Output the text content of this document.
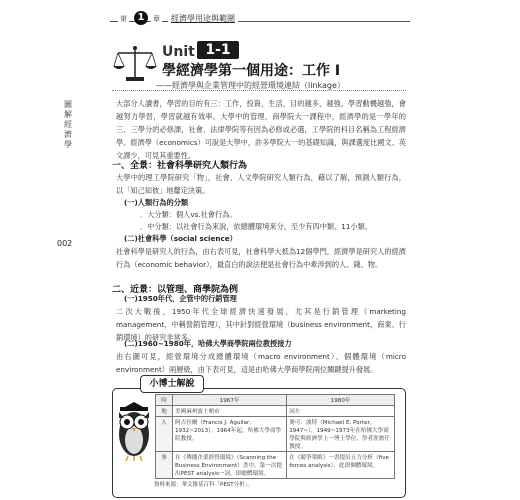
第	1	章	經濟學用途與範圍
圖解經濟學
002
Unit 1-1
學經濟學第一個用途：工作 I
——經濟學與企業管理中的經營環境連結（linkage）
大部分人讀書，學習的目的有三：工作，投資，生活，目的越多，越強，學習動機越強，會越努力學習，學習就越有效率。大學中的管理、商學院大一課程中，經濟學的是一學年的三、三學分的必修課，社會、法律學院等有因為必修或必選，工學院的科目名稱為工程經濟學、經濟學（economics）可說是大學中，許多學院大一的基礎知識，與課選度比國文、英文課少，可見其重要性。
一、全景：社會科學研究人類行為
大學中的理工學院研究「物」，社會、人文學院研究人類行為，藉以了解，預測人類行為，以「知己知彼」地釐定決策。
(一)人類行為的分類
．大分類：個人vs.社會行為。
．中分類：以社會行為來說，依總體環境來分，至少有四中類、11小類。
(二)社會科學（social science）
社會科學是研究人的行為，由右表可見，社會科學大抵為12個學門，經濟學是研究人的經濟行為（economic behavior），最直白的說法便是社會行為中牽涉到的人、錢、物。
二、近景：以管理、商學院為例
(一)1950年代，企管中的行銷管理
二次大戰後，1950年代全球經濟快速發展，尤其是行銷管理（marketing management，中稱營銷管理），其中針對經營環境（business environment，商業、行銷環境）的研究非常多。
(二)1960~1980年，哈佛大學商學院兩位教授接力
由右圖可見，經營環境分成總體環境（macro environment）、個體環境（micro environment）兩層級，由下表可見，這是由哈佛大學商學院兩位關鍵提升發展。
小博士解說
時	1967年	1980年
地	美國麻州波士頓市	同左
人	阿吉拉爾（Francis J. Aguilar，1932~2013），1964年起，哈佛大學商學院教授。	麥可．波特（Michael E. Porter，1947~），1949~1973年在哈佛大學商學院與經濟學上一博士學位，學者涯擔任教授。
事	在《傳播企業經營環境》（Scanning the Business Environment）書中，第一次提出PEST analysis一詞，即總體環境。	在《競爭策略》一書提出五力分析（five forces analysis），此即個體環境。
資料來源：華文維基百科「PEST分析」。
